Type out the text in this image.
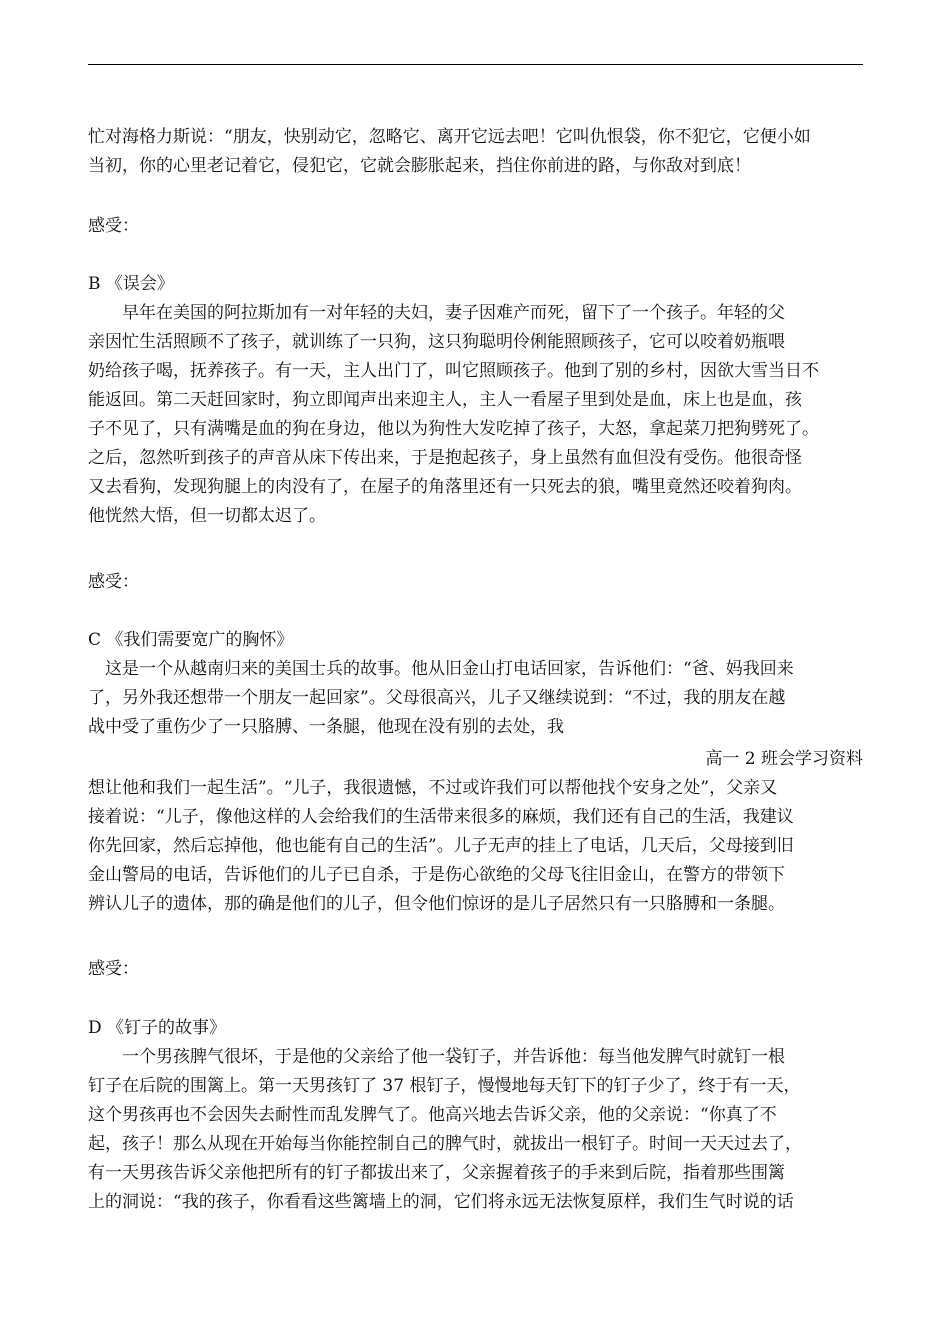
忙对海格力斯说：“朋友，快别动它，忽略它、离开它远去吧！它叫仇恨袋，你不犯它，它便小如

当初，你的心里老记着它，侵犯它，它就会膨胀起来，挡住你前进的路，与你敌对到底！

感受：
B 《误会》

　　早年在美国的阿拉斯加有一对年轻的夫妇，妻子因难产而死，留下了一个孩子。年轻的父

亲因忙生活照顾不了孩子，就训练了一只狗，这只狗聪明伶俐能照顾孩子，它可以咬着奶瓶喂

奶给孩子喝，抚养孩子。有一天，主人出门了，叫它照顾孩子。他到了别的乡村，因欲大雪当日不

能返回。第二天赶回家时，狗立即闻声出来迎主人，主人一看屋子里到处是血，床上也是血，孩

子不见了，只有满嘴是血的狗在身边，他以为狗性大发吃掉了孩子，大怒，拿起菜刀把狗劈死了。

之后，忽然听到孩子的声音从床下传出来，于是抱起孩子，身上虽然有血但没有受伤。他很奇怪

又去看狗，发现狗腿上的肉没有了，在屋子的角落里还有一只死去的狼，嘴里竟然还咬着狗肉。

他恍然大悟，但一切都太迟了。

感受：
C 《我们需要宽广的胸怀》

　这是一个从越南归来的美国士兵的故事。他从旧金山打电话回家，告诉他们：“爸、妈我回来

了，另外我还想带一个朋友一起回家”。父母很高兴，儿子又继续说到：“不过，我的朋友在越

战中受了重伤少了一只胳膊、一条腿，他现在没有别的去处，我

高一 2 班会学习资料

想让他和我们一起生活”。“儿子，我很遗憾，不过或许我们可以帮他找个安身之处”，父亲又

接着说：“儿子，像他这样的人会给我们的生活带来很多的麻烦，我们还有自己的生活，我建议

你先回家，然后忘掉他，他也能有自己的生活”。儿子无声的挂上了电话，几天后，父母接到旧

金山警局的电话，告诉他们的儿子已自杀，于是伤心欲绝的父母飞往旧金山，在警方的带领下

辨认儿子的遗体，那的确是他们的儿子，但令他们惊讶的是儿子居然只有一只胳膊和一条腿。

感受：
D 《钉子的故事》

　　一个男孩脾气很坏，于是他的父亲给了他一袋钉子，并告诉他：每当他发脾气时就钉一根

钉子在后院的围篱上。第一天男孩钉了 37 根钉子，慢慢地每天钉下的钉子少了，终于有一天，

这个男孩再也不会因失去耐性而乱发脾气了。他高兴地去告诉父亲，他的父亲说：“你真了不

起，孩子！那么从现在开始每当你能控制自己的脾气时，就拔出一根钉子。时间一天天过去了，

有一天男孩告诉父亲他把所有的钉子都拔出来了，父亲握着孩子的手来到后院，指着那些围篱

上的洞说：“我的孩子，你看看这些篱墙上的洞，它们将永远无法恢复原样，我们生气时说的话
